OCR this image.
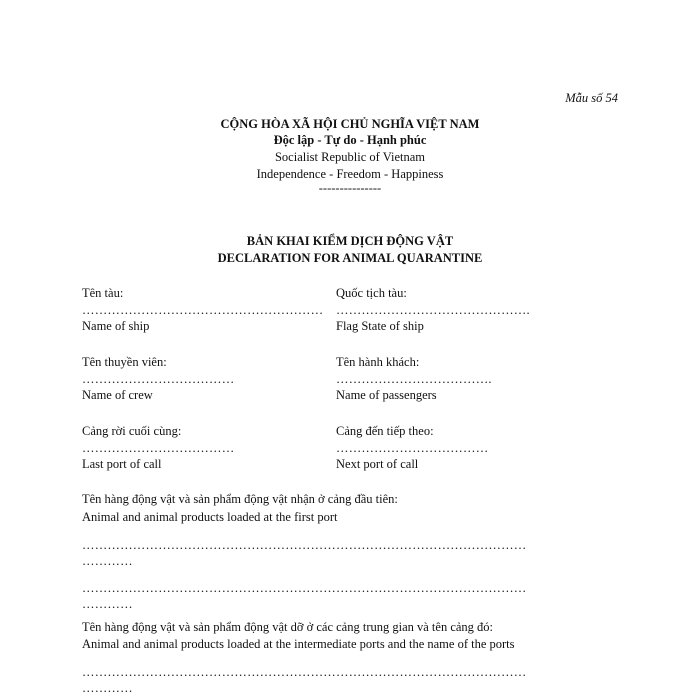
Mẫu số 54
CỘNG HÒA XÃ HỘI CHỦ NGHĨA VIỆT NAM
Độc lập - Tự do - Hạnh phúc
Socialist Republic of Vietnam
Independence - Freedom - Happiness
---------------
BẢN KHAI KIỂM DỊCH ĐỘNG VẬT
DECLARATION FOR ANIMAL QUARANTINE
Tên tàu:
…………………………………………………
Name of ship
Quốc tịch tàu:
……………………………………….
Flag State of ship
Tên thuyền viên:
………………………………
Name of crew
Tên hành khách:
……………………………….
Name of passengers
Cảng rời cuối cùng:
………………………………
Last port of call
Cảng đến tiếp theo:
………………………………
Next port of call
Tên hàng động vật và sản phẩm động vật nhận ở cảng đầu tiên:
Animal and animal products loaded at the first port
……………………………………………………………………………………………
…………
……………………………………………………………………………………………
…………
Tên hàng động vật và sản phẩm động vật dỡ ở các cảng trung gian và tên cảng đó:
Animal and animal products loaded at the intermediate ports and the name of the ports
……………………………………………………………………………………………
…………
